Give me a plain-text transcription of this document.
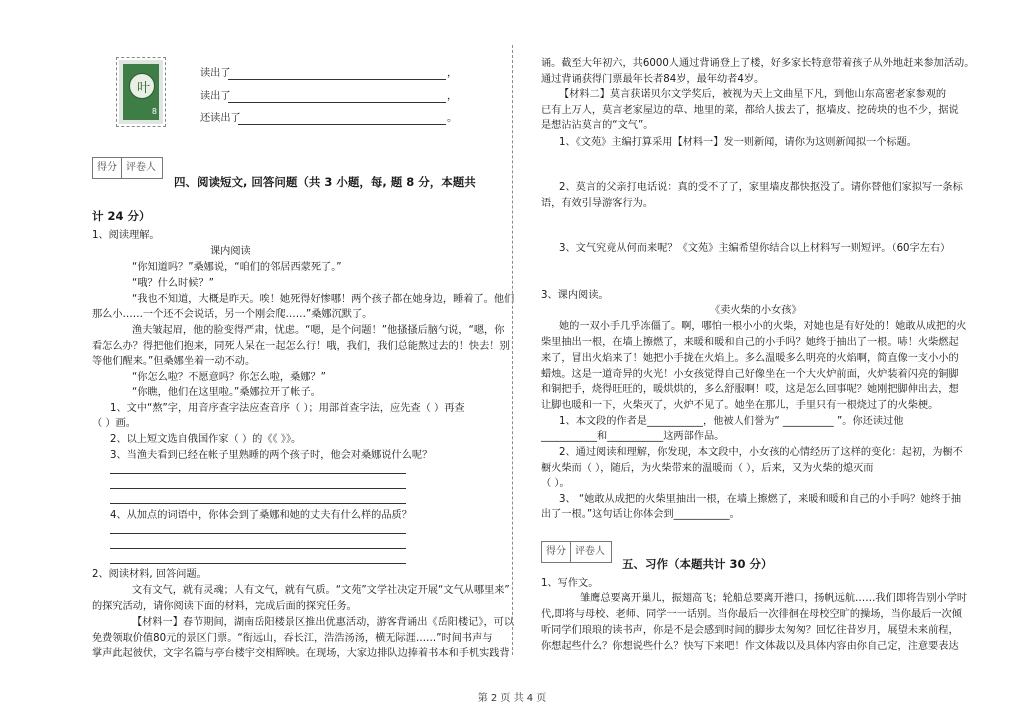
叶
8
读出了	，
读出了	，
还读出了	。
得分 评卷人
四、阅读短文, 回答问题（共 3 小题，每, 题 8 分，本题共
计 24 分）
1、阅读理解。
课内阅读
“你知道吗？”桑娜说，“咱们的邻居西蒙死了。”
“哦？什么时候？”
“我也不知道，大概是昨天。唉！她死得好惨哪！两个孩子都在她身边，睡着了。他们
那么小……一个还不会说话，另一个刚会爬……”桑娜沉默了。
渔夫皱起眉，他的脸变得严肃，忧虑。“嗯，是个问题！”他搔搔后脑勺说，“嗯，你
看怎么办？得把他们抱来，同死人呆在一起怎么行！哦，我们，我们总能熬过去的！快去！别
等他们醒来。”但桑娜坐着一动不动。
“你怎么啦？不愿意吗？你怎么啦，桑娜？”
“你瞧，他们在这里啦。”桑娜拉开了帐子。
1、文中“熬”字，用音序查字法应查音序（ ）；用部首查字法，应先查（ ）再查
（ ）画。
2、以上短文选自俄国作家（ ）的《《 》》。
3、当渔夫看到已经在帐子里熟睡的两个孩子时，他会对桑娜说什么呢？
4、从加点的词语中，你体会到了桑娜和她的丈夫有什么样的品质？
2、阅读材料, 回答问题。
文有文气，就有灵魂；人有文气，就有气质。“文苑”文学社决定开展“文气从哪里来”
的探究活动，请你阅读下面的材料，完成后面的探究任务。
【材料一】春节期间，湖南岳阳楼景区推出优惠活动，游客背诵出《岳阳楼记》，可以
免费领取价值80元的景区门票。“衔远山，吞长江，浩浩汤汤，横无际涯……”时间书声与
掌声此起彼伏，文字名篇与亭台楼宇交相辉映。在现场，大家边排队边捧着书本和手机实践背
诵。截至大年初六，共6000人通过背诵登上了楼，好多家长特意带着孩子从外地赶来参加活动。
通过背诵获得门票最年长者84岁，最年幼者4岁。
【材料二】莫言获诺贝尔文学奖后，被视为天上文曲星下凡，到他山东高密老家参观的
已有上万人，莫言老家屋边的草、地里的菜，都给人拔去了，抠墙皮、挖砖块的也不少，据说
是想沾沾莫言的“文气”。
1、《文苑》主编打算采用【材料一】发一则新闻，请你为这则新闻拟一个标题。
2、莫言的父亲打电话说：真的受不了了，家里墙皮都快抠没了。请你替他们家拟写一条标
语，有效引导游客行为。
3、文气究竟从何而来呢？《文苑》主编希望你结合以上材料写一则短评。（60字左右）
3、课内阅读。
《卖火柴的小女孩》
她的一双小手几乎冻僵了。啊，哪怕一根小小的火柴，对她也是有好处的！她敢从成把的火
柴里抽出一根，在墙上擦燃了，来暖和暖和自己的小手吗？她终于抽出了一根。哧！火柴燃起
来了，冒出火焰来了！她把小手拢在火焰上。多么温暖多么明亮的火焰啊，简直像一支小小的
蜡烛。这是一道奇异的火光！小女孩觉得自己好像坐在一个大火炉前面，火炉装着闪亮的铜脚
和铜把手，烧得旺旺的，暖烘烘的，多么舒服啊！哎，这是怎么回事呢？她刚把脚伸出去，想
让脚也暖和一下，火柴灭了，火炉不见了。她坐在那儿，手里只有一根烧过了的火柴梗。
1、本文段的作者是___________，他被人们誉为“ __________ ”。你还读过他
___________和___________这两部作品。
2、通过阅读和理解，你发现，本文段中，小女孩的心情经历了这样的变化：起初，为橱不
橱火柴而（ ），随后，为火柴带来的温暖而（ ），后来，又为火柴的熄灭而
（ ）。
3、 “她敢从成把的火柴里抽出一根，在墙上擦燃了，来暖和暖和自己的小手吗？她终于抽
出了一根。”这句话让你体会到___________。
得分 评卷人
五、习作（本题共计 30 分）
1、写作文。
雏鹰总要离开巢儿，振翅高飞；轮船总要离开港口，扬帆远航……我们即将告别小学时
代,即将与母校、老师、同学一一话别。当你最后一次徘徊在母校空旷的操场，当你最后一次倾
听同学们琅琅的读书声，你是不是会感到时间的脚步太匆匆？回忆往昔岁月，展望未来前程，
你想起些什么？你想说些什么？快写下来吧！作文体裁以及具体内容由你自己定，注意要表达
第 2 页 共 4 页
